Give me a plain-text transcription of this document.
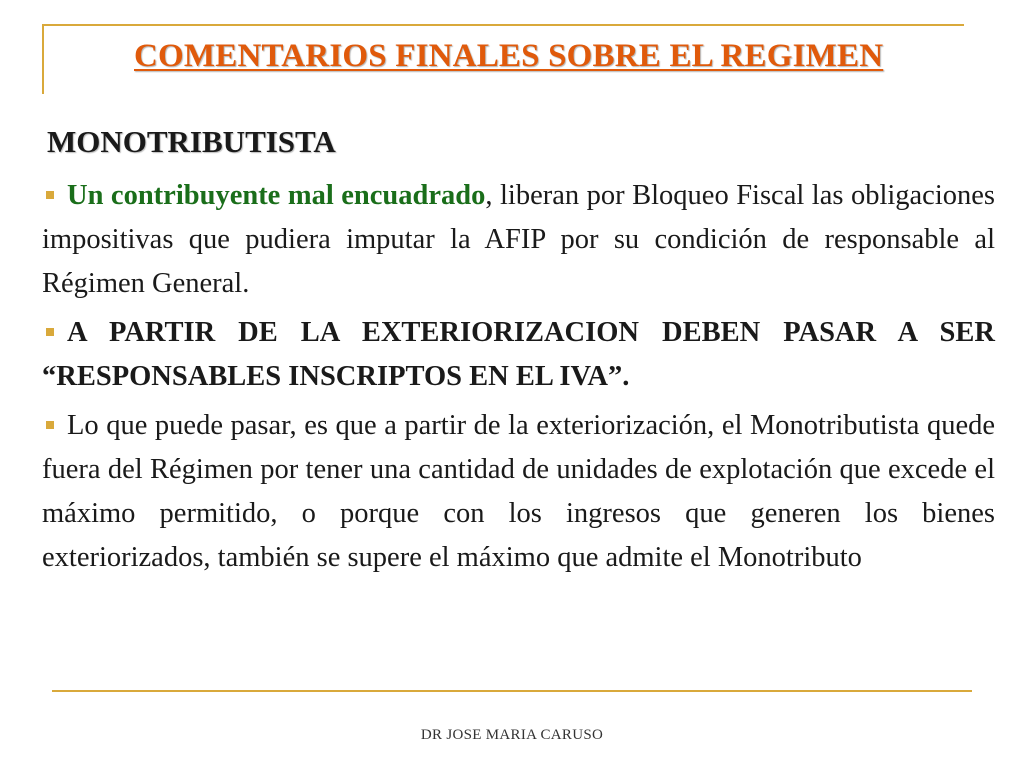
COMENTARIOS FINALES SOBRE EL REGIMEN
MONOTRIBUTISTA

Un contribuyente mal encuadrado, liberan por Bloqueo Fiscal las obligaciones impositivas que pudiera imputar la AFIP por su condición de responsable al Régimen General.

A PARTIR DE LA EXTERIORIZACION DEBEN PASAR A SER “RESPONSABLES INSCRIPTOS EN EL IVA”.

Lo que puede pasar, es que a partir de la exteriorización, el Monotributista quede fuera del Régimen por tener una cantidad de unidades de explotación que excede el máximo permitido, o porque con los ingresos que generen los bienes exteriorizados, también se supere el máximo que admite el Monotributo

DR JOSE MARIA CARUSO
